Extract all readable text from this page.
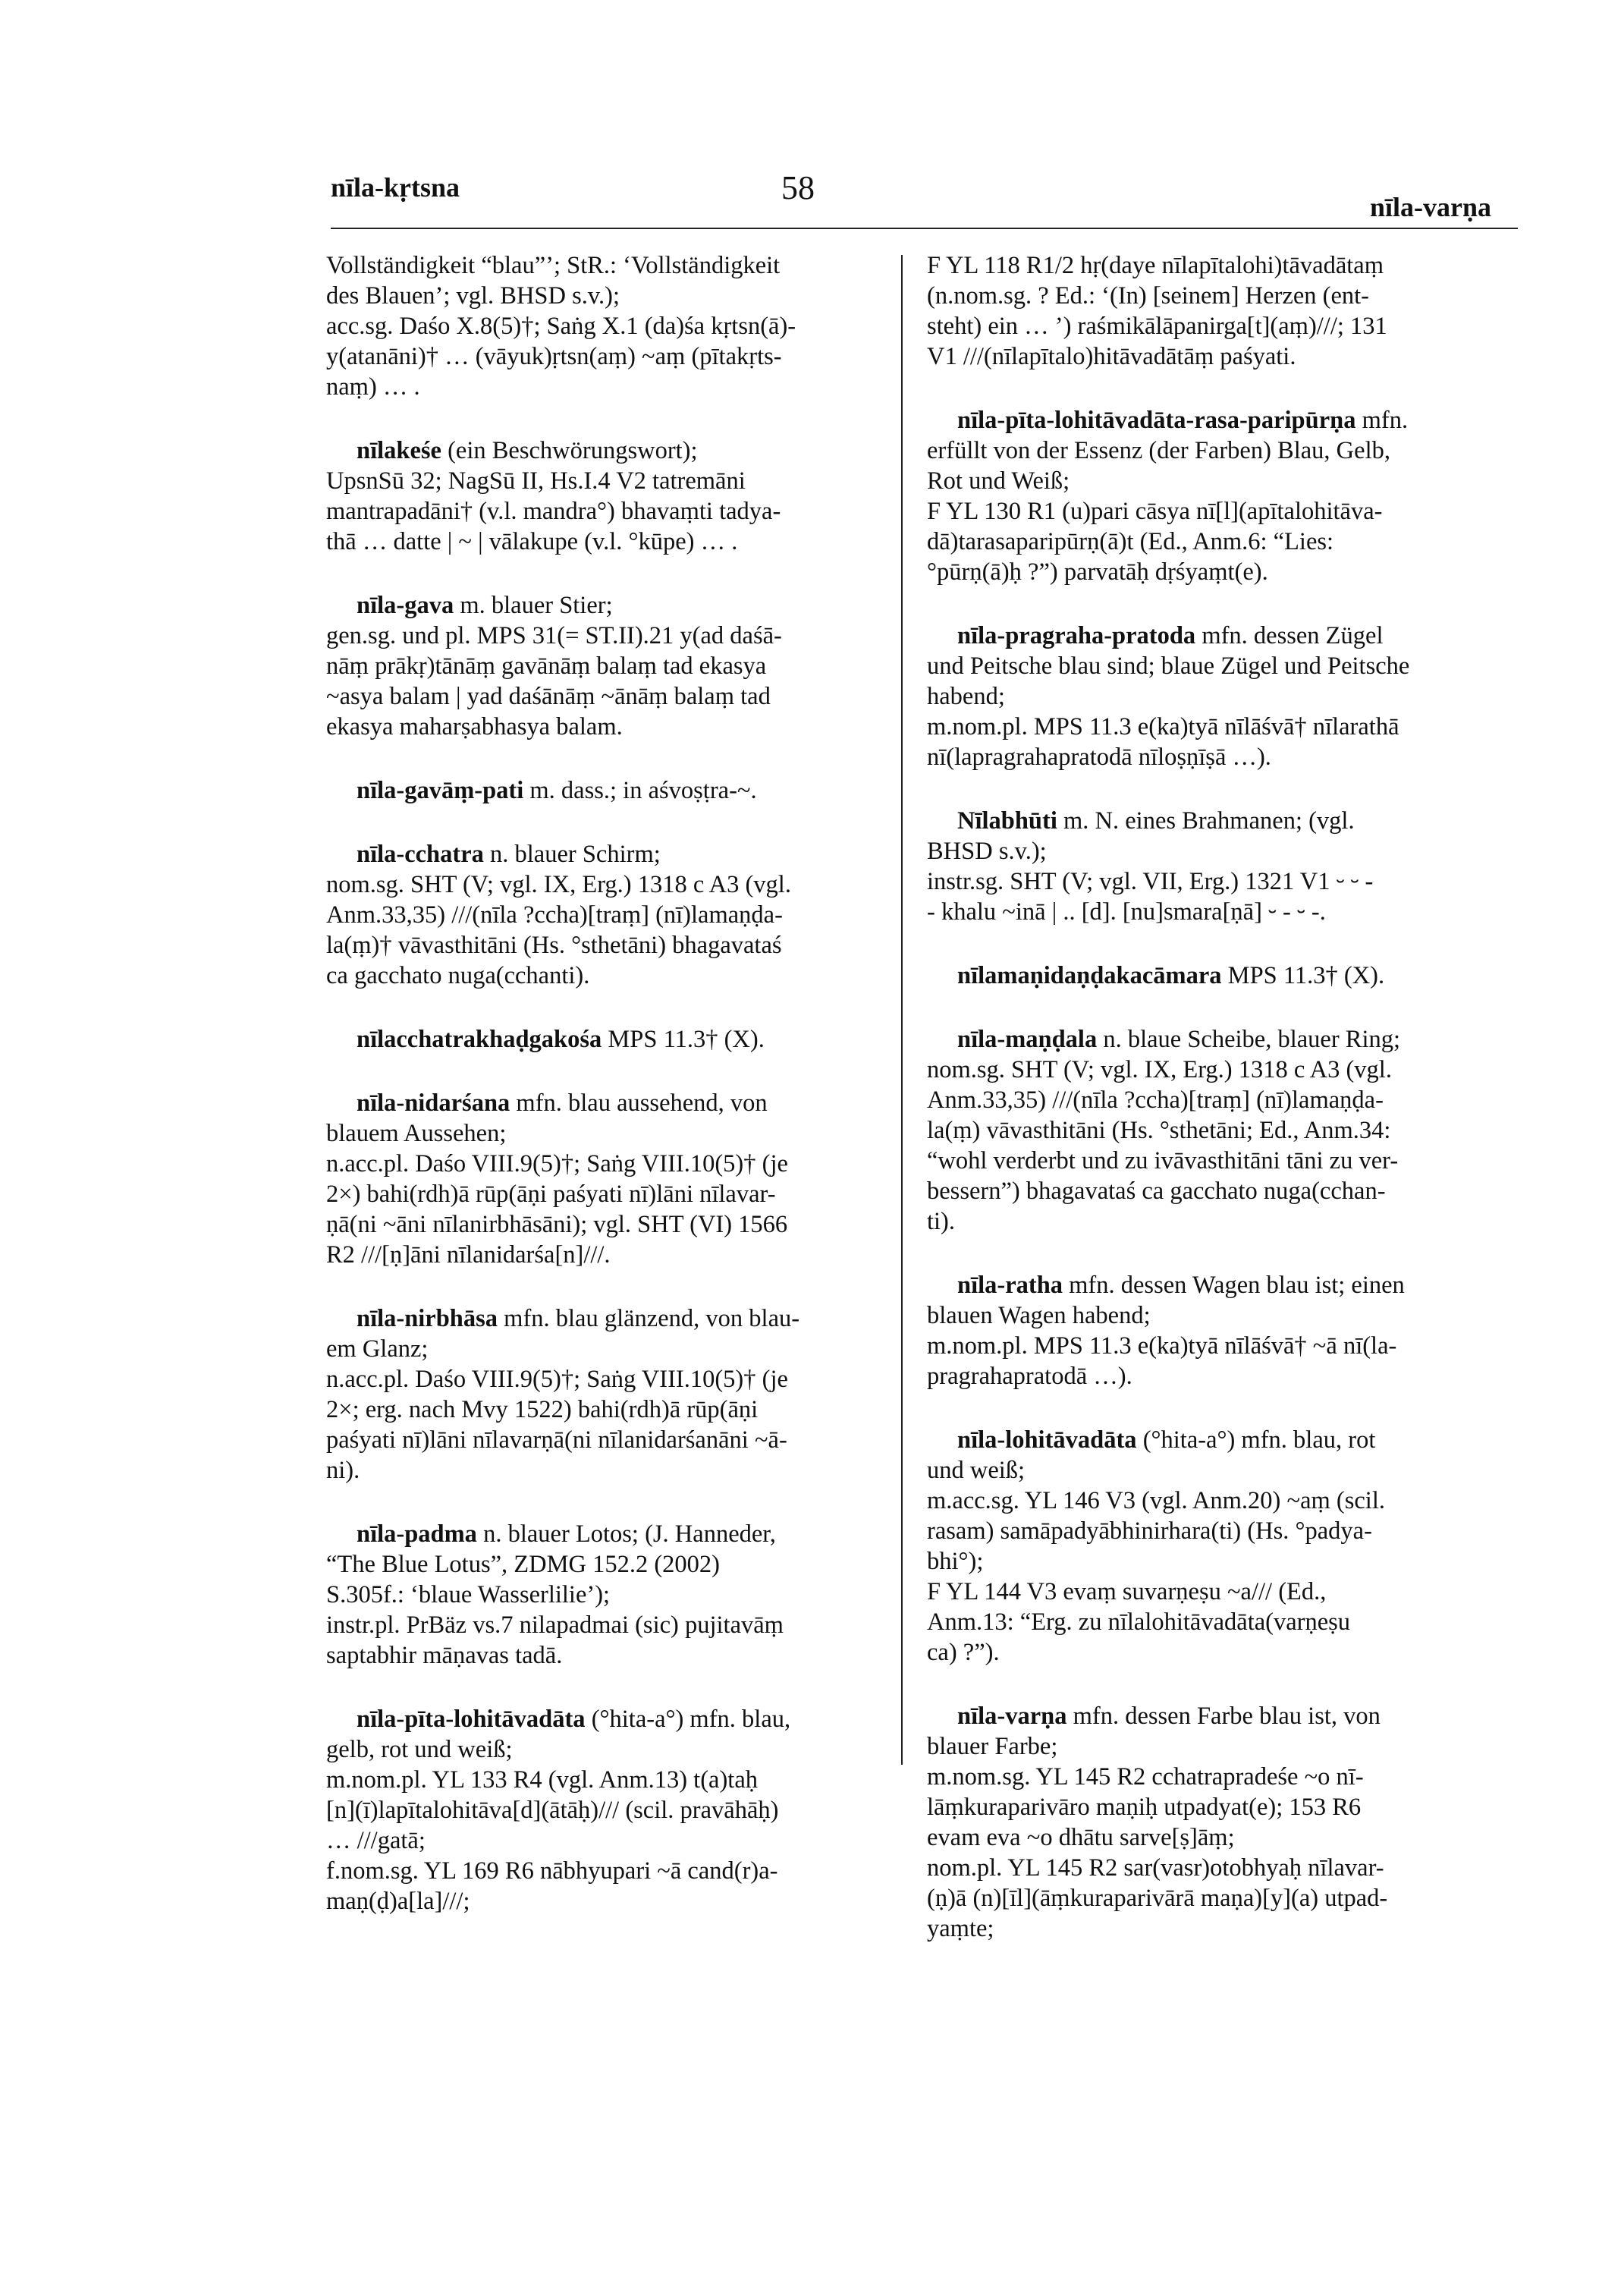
nīla-kṛtsna	58
nīla-varṇa
Vollständigkeit “blau”’; StR.: ‘Vollständigkeit
des Blauen’; vgl. BHSD s.v.);
acc.sg. Daśo X.8(5)†; Saṅg X.1 (da)śa kṛtsn(ā)-
y(atanāni)† … (vāyuk)ṛtsn(aṃ) ~aṃ (pītakṛts-
naṃ) … .
nīlakeśe (ein Beschwörungswort);
UpsnSū 32; NagSū II, Hs.I.4 V2 tatremāni
mantrapadāni† (v.l. mandra°) bhavaṃti tadya-
thā … datte | ~ | vālakupe (v.l. °kūpe) … .
nīla-gava m. blauer Stier;
gen.sg. und pl. MPS 31(= ST.II).21 y(ad daśā-
nāṃ prākṛ)tānāṃ gavānāṃ balaṃ tad ekasya
~asya balam | yad daśānāṃ ~ānāṃ balaṃ tad
ekasya maharṣabhasya balam.
nīla-gavāṃ-pati m. dass.; in aśvoṣṭra-~.
nīla-cchatra n. blauer Schirm;
nom.sg. SHT (V; vgl. IX, Erg.) 1318 c A3 (vgl.
Anm.33,35) ///(nīla ?ccha)[traṃ] (nī)lamaṇḍa-
la(ṃ)† vāvasthitāni (Hs. °sthetāni) bhagavataś
ca gacchato nuga(cchanti).
nīlacchatrakhaḍgakośa MPS 11.3† (X).
nīla-nidarśana mfn. blau aussehend, von
blauem Aussehen;
n.acc.pl. Daśo VIII.9(5)†; Saṅg VIII.10(5)† (je
2×) bahi(rdh)ā rūp(āṇi paśyati nī)lāni nīlavar-
ṇā(ni ~āni nīlanirbhāsāni); vgl. SHT (VI) 1566
R2 ///[ṇ]āni nīlanidarśa[n]///.
nīla-nirbhāsa mfn. blau glänzend, von blau-
em Glanz;
n.acc.pl. Daśo VIII.9(5)†; Saṅg VIII.10(5)† (je
2×; erg. nach Mvy 1522) bahi(rdh)ā rūp(āṇi
paśyati nī)lāni nīlavarṇā(ni nīlanidarśanāni ~ā-
ni).
nīla-padma n. blauer Lotos; (J. Hanneder,
“The Blue Lotus”, ZDMG 152.2 (2002)
S.305f.: ‘blaue Wasserlilie’);
instr.pl. PrBäz vs.7 nilapadmai (sic) pujitavāṃ
saptabhir māṇavas tadā.
nīla-pīta-lohitāvadāta (°hita-a°) mfn. blau,
gelb, rot und weiß;
m.nom.pl. YL 133 R4 (vgl. Anm.13) t(a)taḥ
[n](ī)lapītalohitāva[d](ātāḥ)/// (scil. pravāhāḥ)
… ///gatā;
f.nom.sg. YL 169 R6 nābhyupari ~ā cand(r)a-
maṇ(ḍ)a[la]///;
F YL 118 R1/2 hṛ(daye nīlapītalohi)tāvadātaṃ
(n.nom.sg. ? Ed.: ‘(In) [seinem] Herzen (ent-
steht) ein … ’) raśmikālāpanirga[t](aṃ)///; 131
V1 ///(nīlapītalo)hitāvadātāṃ paśyati.
nīla-pīta-lohitāvadāta-rasa-paripūrṇa mfn.
erfüllt von der Essenz (der Farben) Blau, Gelb,
Rot und Weiß;
F YL 130 R1 (u)pari cāsya nī[l](apītalohitāva-
dā)tarasaparipūrṇ(ā)t (Ed., Anm.6: “Lies:
°pūrṇ(ā)ḥ ?”) parvatāḥ dṛśyaṃt(e).
nīla-pragraha-pratoda mfn. dessen Zügel
und Peitsche blau sind; blaue Zügel und Peitsche
habend;
m.nom.pl. MPS 11.3 e(ka)tyā nīlāśvā† nīlarathā
nī(lapragrahapratodā nīloṣṇīṣā …).
Nīlabhūti m. N. eines Brahmanen; (vgl.
BHSD s.v.);
instr.sg. SHT (V; vgl. VII, Erg.) 1321 V1 ⏑ ⏑ -
- khalu ~inā | .. [d]. [nu]smara[ṇā] ⏑ - ⏑ -.
nīlamaṇidaṇḍakacāmara MPS 11.3† (X).
nīla-maṇḍala n. blaue Scheibe, blauer Ring;
nom.sg. SHT (V; vgl. IX, Erg.) 1318 c A3 (vgl.
Anm.33,35) ///(nīla ?ccha)[traṃ] (nī)lamaṇḍa-
la(ṃ) vāvasthitāni (Hs. °sthetāni; Ed., Anm.34:
“wohl verderbt und zu ivāvasthitāni tāni zu ver-
bessern”) bhagavataś ca gacchato nuga(cchan-
ti).
nīla-ratha mfn. dessen Wagen blau ist; einen
blauen Wagen habend;
m.nom.pl. MPS 11.3 e(ka)tyā nīlāśvā† ~ā nī(la-
pragrahapratodā …).
nīla-lohitāvadāta (°hita-a°) mfn. blau, rot
und weiß;
m.acc.sg. YL 146 V3 (vgl. Anm.20) ~aṃ (scil.
rasam) samāpadyābhinirhara(ti) (Hs. °padya-
bhi°);
F YL 144 V3 evaṃ suvarṇeṣu ~a/// (Ed.,
Anm.13: “Erg. zu nīlalohitāvadāta(varṇeṣu
ca) ?”).
nīla-varṇa mfn. dessen Farbe blau ist, von
blauer Farbe;
m.nom.sg. YL 145 R2 cchatrapradeśe ~o nī-
lāṃkuraparivāro maṇiḥ utpadyat(e); 153 R6
evam eva ~o dhātu sarve[ṣ]āṃ;
nom.pl. YL 145 R2 sar(vasr)otobhyaḥ nīlavar-
(ṇ)ā (n)[īl](āṃkuraparivārā maṇa)[y](a) utpad-
yaṃte;
